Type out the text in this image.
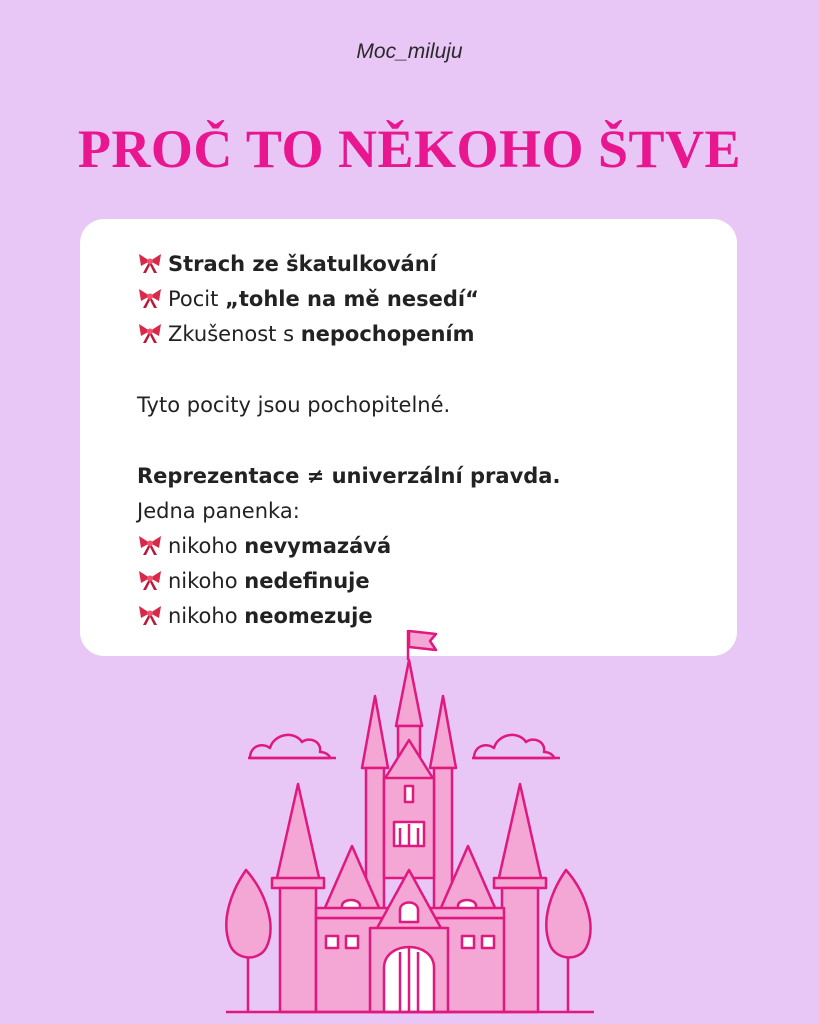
Moc_miluju
PROČ TO NĚKOHO ŠTVE
Strach ze škatulkování
Pocit „tohle na mě nesedí“
Zkušenost s nepochopením
Tyto pocity jsou pochopitelné.
Reprezentace ≠ univerzální pravda.
Jedna panenka:
nikoho nevymazává
nikoho nedefinuje
nikoho neomezuje
